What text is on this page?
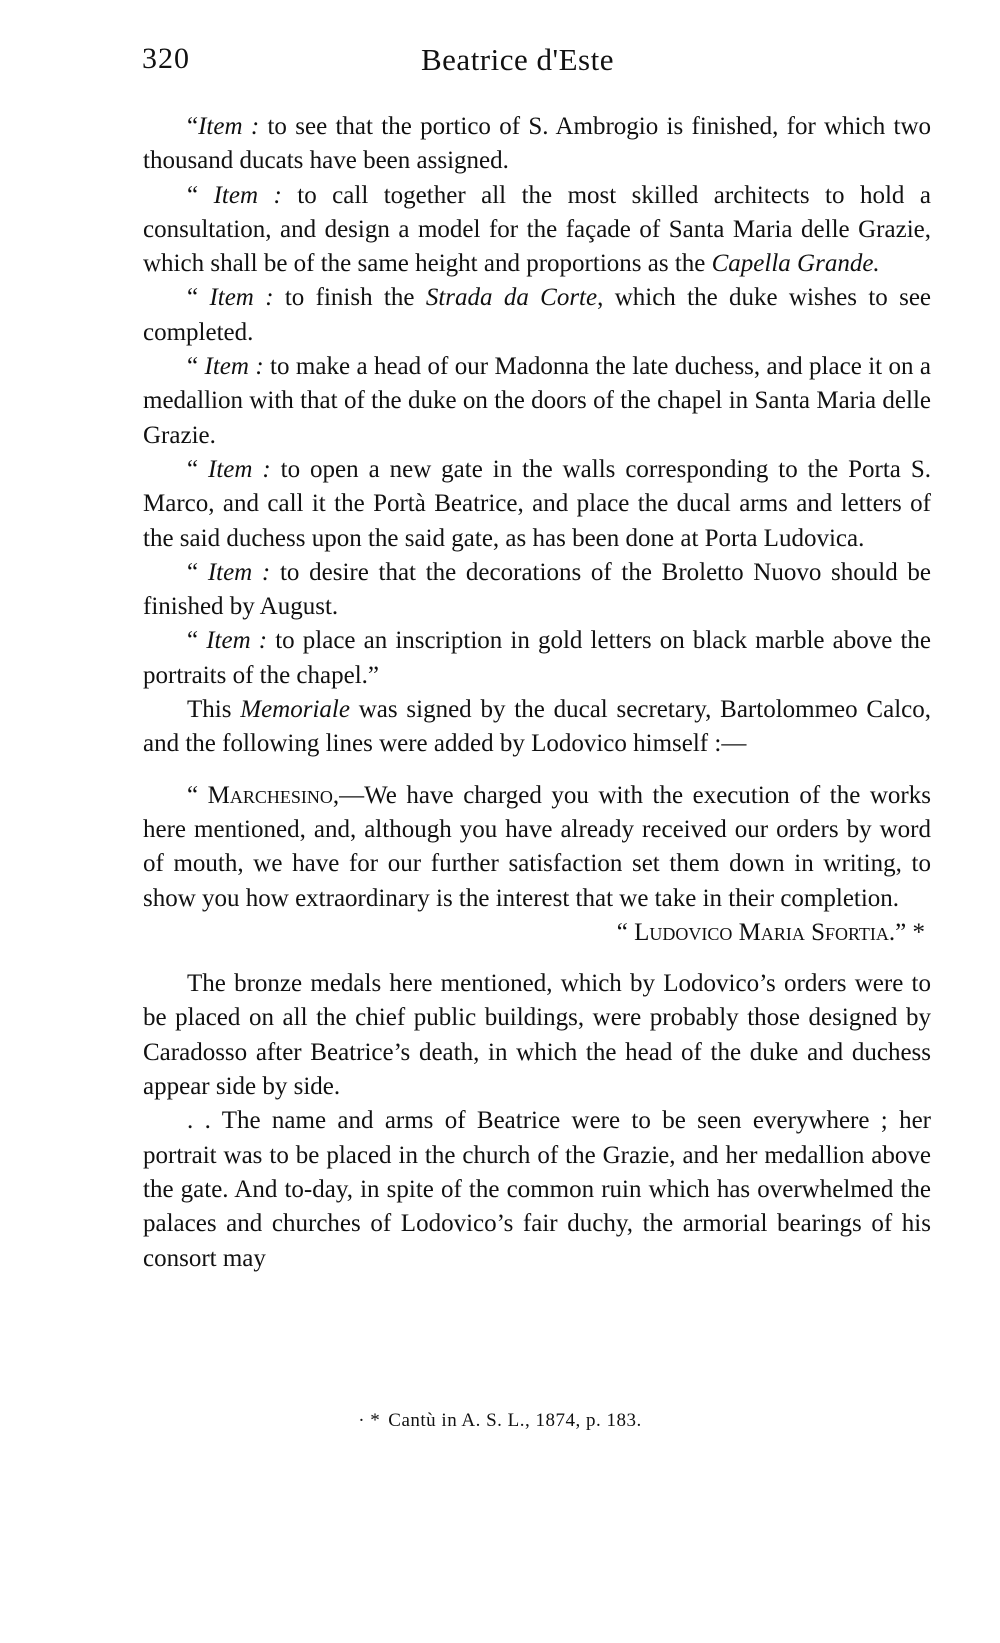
320	Beatrice d'Este

“Item : to see that the portico of S. Ambrogio is finished, for which two thousand ducats have been assigned.

“ Item : to call together all the most skilled architects to hold a consultation, and design a model for the façade of Santa Maria delle Grazie, which shall be of the same height and proportions as the Capella Grande.

“ Item : to finish the Strada da Corte, which the duke wishes to see completed.

“ Item : to make a head of our Madonna the late duchess, and place it on a medallion with that of the duke on the doors of the chapel in Santa Maria delle Grazie.

“ Item : to open a new gate in the walls corresponding to the Porta S. Marco, and call it the Portà Beatrice, and place the ducal arms and letters of the said duchess upon the said gate, as has been done at Porta Ludovica.

“ Item : to desire that the decorations of the Broletto Nuovo should be finished by August.

“ Item : to place an inscription in gold letters on black marble above the portraits of the chapel.”

This Memoriale was signed by the ducal secretary, Bartolommeo Calco, and the following lines were added by Lodovico himself :—

“ Marchesino,—We have charged you with the execution of the works here mentioned, and, although you have already received our orders by word of mouth, we have for our further satisfaction set them down in writing, to show you how extraordinary is the interest that we take in their completion.

“ Ludovico Maria Sfortia.” *

The bronze medals here mentioned, which by Lodovico’s orders were to be placed on all the chief public buildings, were probably those designed by Caradosso after Beatrice’s death, in which the head of the duke and duchess appear side by side.

. . The name and arms of Beatrice were to be seen everywhere ; her portrait was to be placed in the church of the Grazie, and her medallion above the gate. And to-day, in spite of the common ruin which has overwhelmed the palaces and churches of Lodovico’s fair duchy, the armorial bearings of his consort may

· * Cantù in A. S. L., 1874, p. 183.
